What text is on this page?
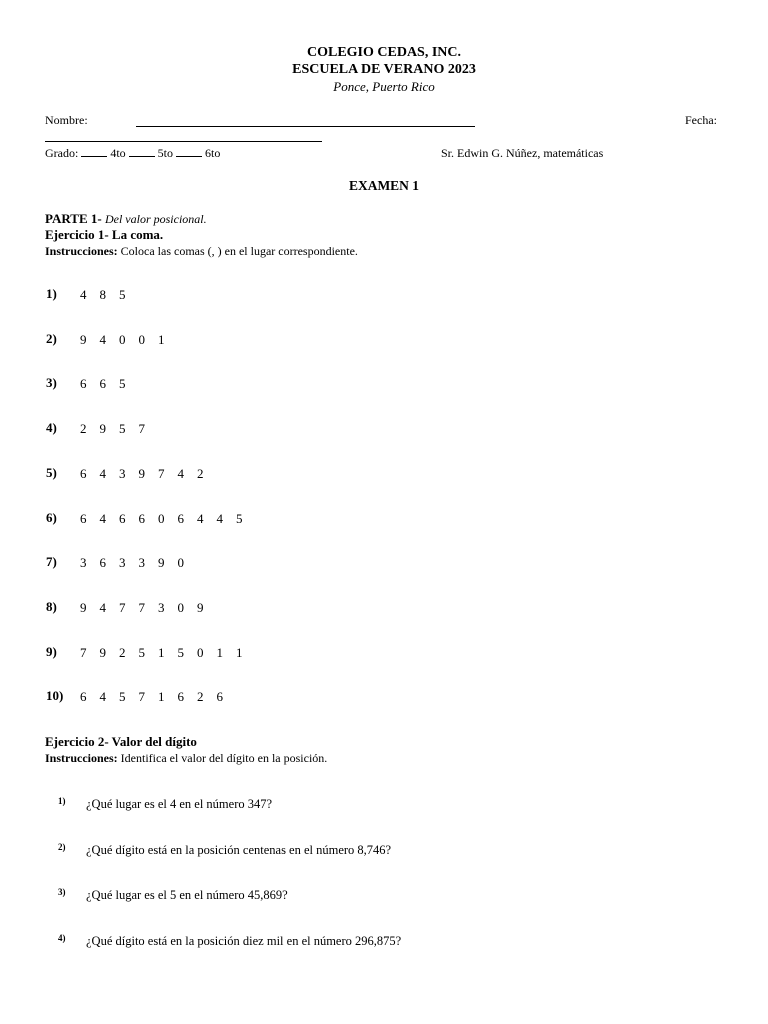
COLEGIO CEDAS, INC.
ESCUELA DE VERANO 2023
Ponce, Puerto Rico
Nombre:	Fecha:
Grado:	4to	5to	6to	Sr. Edwin G. Núñez, matemáticas
EXAMEN 1
PARTE 1- Del valor posicional.
Ejercicio 1- La coma.
Instrucciones: Coloca las comas (, ) en el lugar correspondiente.
1) 4 8 5
2) 9 4 0 0 1
3) 6 6 5
4) 2 9 5 7
5) 6 4 3 9 7 4 2
6) 6 4 6 6 0 6 4 4 5
7) 3 6 3 3 9 0
8) 9 4 7 7 3 0 9
9) 7 9 2 5 1 5 0 1 1
10) 6 4 5 7 1 6 2 6
Ejercicio 2- Valor del dígito
Instrucciones: Identifica el valor del dígito en la posición.
1) ¿Qué lugar es el 4 en el número 347?
2) ¿Qué dígito está en la posición centenas en el número 8,746?
3) ¿Qué lugar es el 5 en el número 45,869?
4) ¿Qué dígito está en la posición diez mil en el número 296,875?
